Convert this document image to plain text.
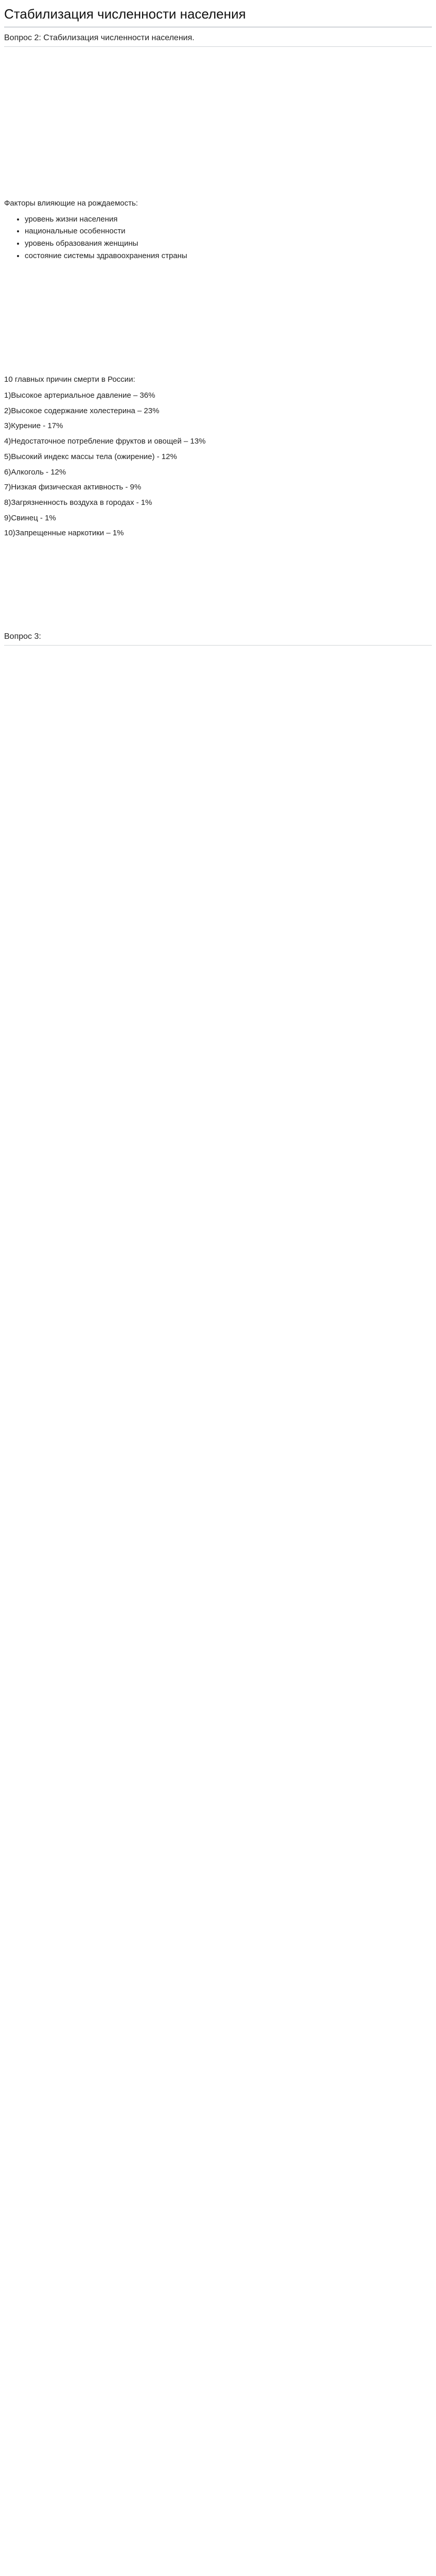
Стабилизация численности населения
Вопрос 2: Стабилизация численности населения.

Факторы влияющие на рождаемость:

• уровень жизни населения
• национальные особенности
• уровень образования женщины
• состояние системы здравоохранения страны

10 главных причин смерти в России:

1)Высокое артериальное давление – 36%

2)Высокое содержание холестерина – 23%

3)Курение - 17%

4)Недостаточное потребление фруктов и овощей – 13%

5)Высокий индекс массы тела (ожирение) - 12%

6)Алкоголь - 12%

7)Низкая физическая активность - 9%

8)Загрязненность воздуха в городах - 1%

9)Свинец - 1%

10)Запрещенные наркотики – 1%

Вопрос 3:
